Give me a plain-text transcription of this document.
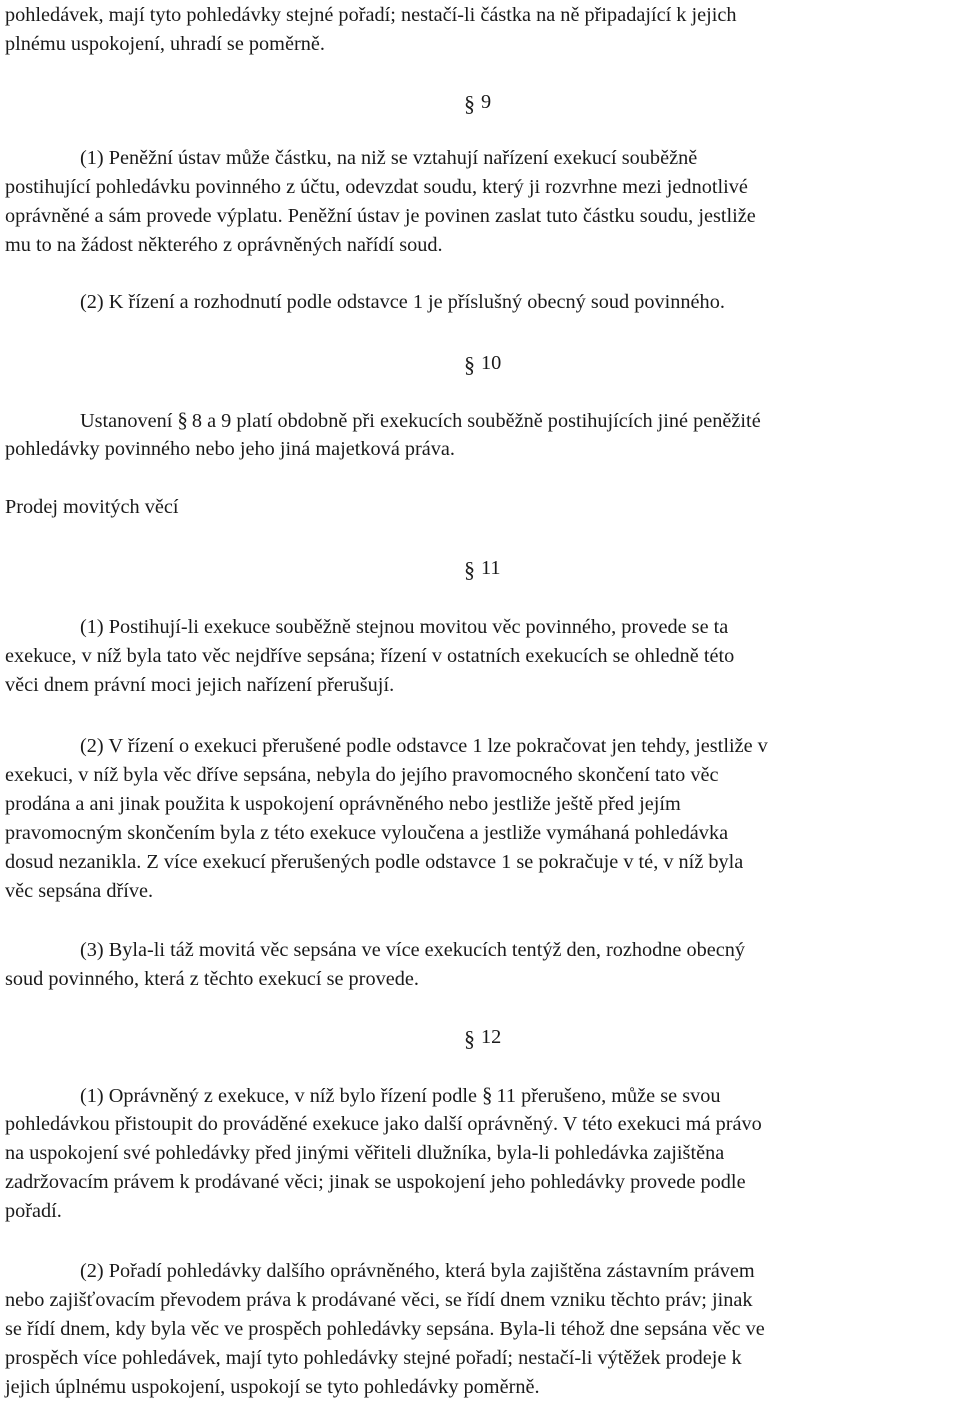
pohledávek, mají tyto pohledávky stejné pořadí; nestačí-li částka na ně připadající k jejich
plnému uspokojení, uhradí se poměrně.
§ 9
(1) Peněžní ústav může částku, na niž se vztahují nařízení exekucí souběžně
postihující pohledávku povinného z účtu, odevzdat soudu, který ji rozvrhne mezi jednotlivé
oprávněné a sám provede výplatu. Peněžní ústav je povinen zaslat tuto částku soudu, jestliže
mu to na žádost některého z oprávněných nařídí soud.
(2) K řízení a rozhodnutí podle odstavce 1 je příslušný obecný soud povinného.
§ 10
Ustanovení § 8 a 9 platí obdobně při exekucích souběžně postihujících jiné peněžité
pohledávky povinného nebo jeho jiná majetková práva.
Prodej movitých věcí
§ 11
(1) Postihují-li exekuce souběžně stejnou movitou věc povinného, provede se ta
exekuce, v níž byla tato věc nejdříve sepsána; řízení v ostatních exekucích se ohledně této
věci dnem právní moci jejich nařízení přerušují.
(2) V řízení o exekuci přerušené podle odstavce 1 lze pokračovat jen tehdy, jestliže v
exekuci, v níž byla věc dříve sepsána, nebyla do jejího pravomocného skončení tato věc
prodána a ani jinak použita k uspokojení oprávněného nebo jestliže ještě před jejím
pravomocným skončením byla z této exekuce vyloučena a jestliže vymáhaná pohledávka
dosud nezanikla. Z více exekucí přerušených podle odstavce 1 se pokračuje v té, v níž byla
věc sepsána dříve.
(3) Byla-li táž movitá věc sepsána ve více exekucích tentýž den, rozhodne obecný
soud povinného, která z těchto exekucí se provede.
§ 12
(1) Oprávněný z exekuce, v níž bylo řízení podle § 11 přerušeno, může se svou
pohledávkou přistoupit do prováděné exekuce jako další oprávněný. V této exekuci má právo
na uspokojení své pohledávky před jinými věřiteli dlužníka, byla-li pohledávka zajištěna
zadržovacím právem k prodávané věci; jinak se uspokojení jeho pohledávky provede podle
pořadí.
(2) Pořadí pohledávky dalšího oprávněného, která byla zajištěna zástavním právem
nebo zajišťovacím převodem práva k prodávané věci, se řídí dnem vzniku těchto práv; jinak
se řídí dnem, kdy byla věc ve prospěch pohledávky sepsána. Byla-li téhož dne sepsána věc ve
prospěch více pohledávek, mají tyto pohledávky stejné pořadí; nestačí-li výtěžek prodeje k
jejich úplnému uspokojení, uspokojí se tyto pohledávky poměrně.
